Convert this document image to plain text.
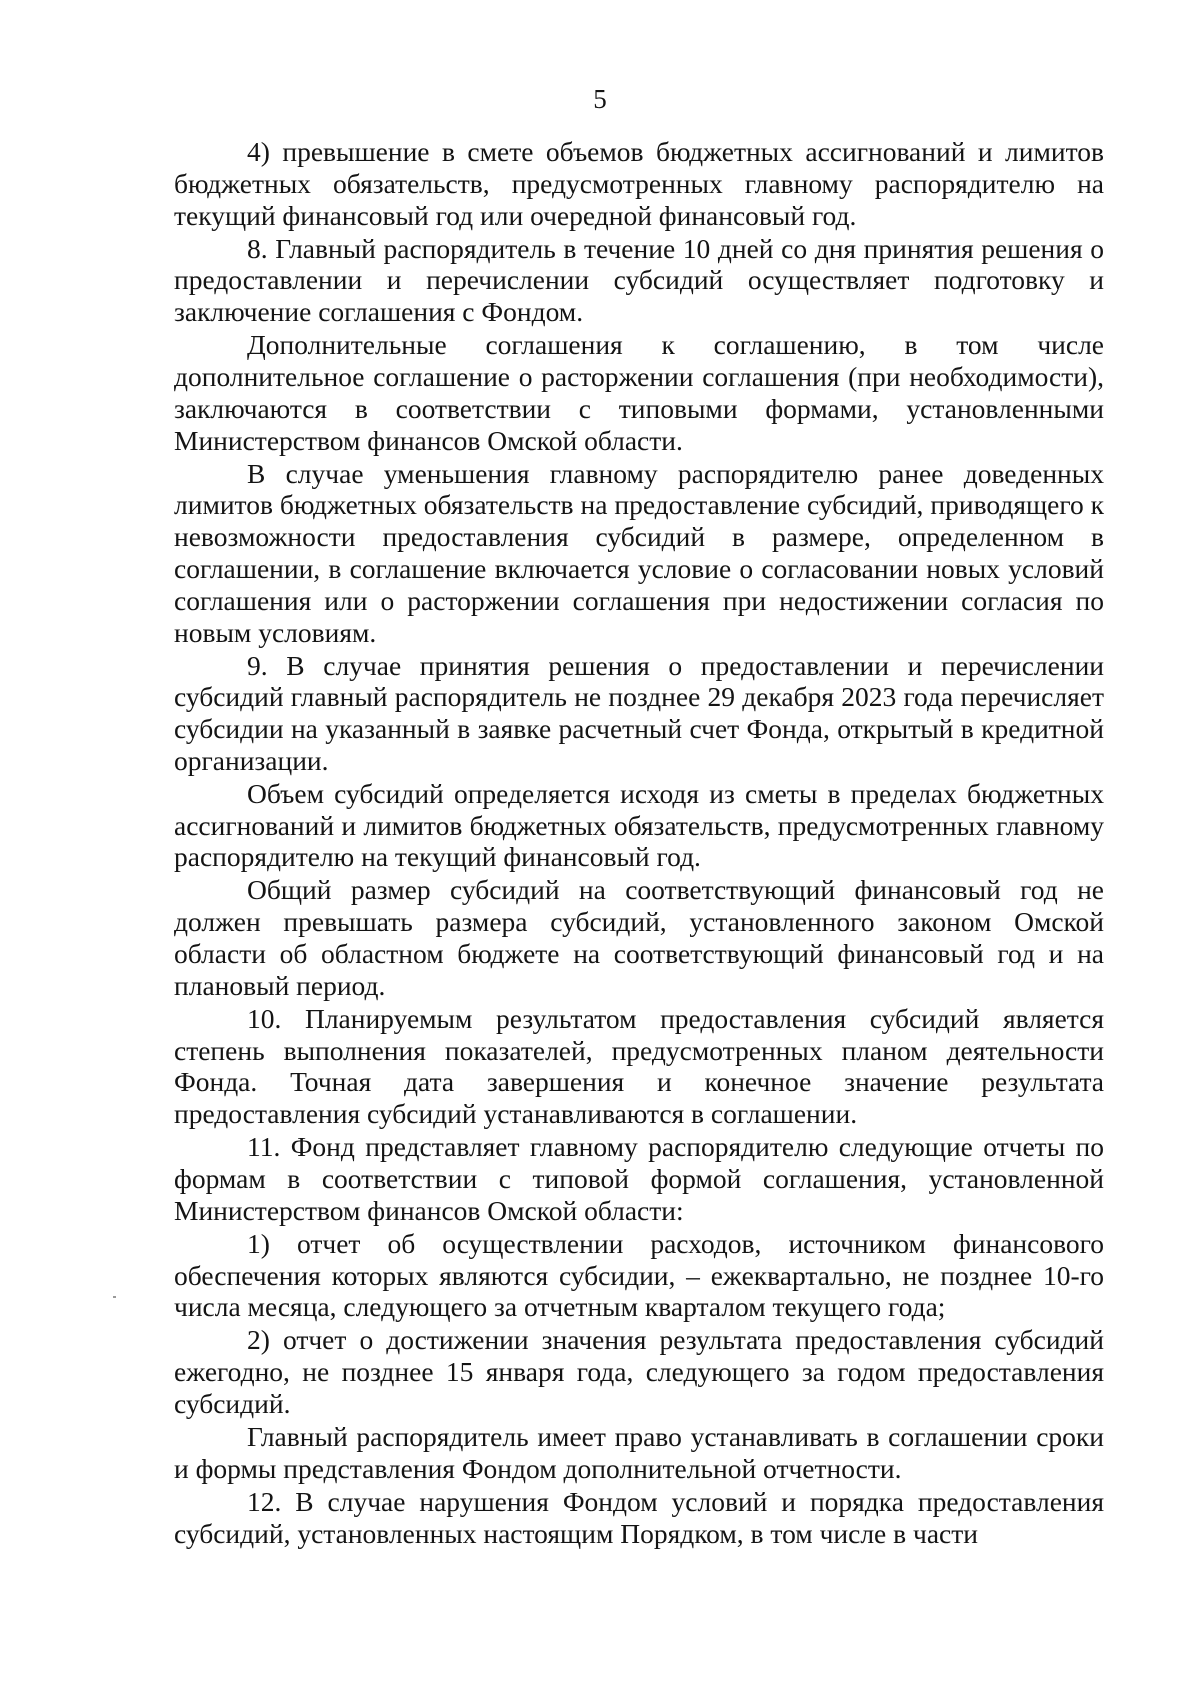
5

4) превышение в смете объемов бюджетных ассигнований и лимитов бюджетных обязательств, предусмотренных главному распорядителю на текущий финансовый год или очередной финансовый год.

8. Главный распорядитель в течение 10 дней со дня принятия решения о предоставлении и перечислении субсидий осуществляет подготовку и заключение соглашения с Фондом.

Дополнительные соглашения к соглашению, в том числе дополнительное соглашение о расторжении соглашения (при необходимости), заключаются в соответствии с типовыми формами, установленными Министерством финансов Омской области.

В случае уменьшения главному распорядителю ранее доведенных лимитов бюджетных обязательств на предоставление субсидий, приводящего к невозможности предоставления субсидий в размере, определенном в соглашении, в соглашение включается условие о согласовании новых условий соглашения или о расторжении соглашения при недостижении согласия по новым условиям.

9. В случае принятия решения о предоставлении и перечислении субсидий главный распорядитель не позднее 29 декабря 2023 года перечисляет субсидии на указанный в заявке расчетный счет Фонда, открытый в кредитной организации.

Объем субсидий определяется исходя из сметы в пределах бюджетных ассигнований и лимитов бюджетных обязательств, предусмотренных главному распорядителю на текущий финансовый год.

Общий размер субсидий на соответствующий финансовый год не должен превышать размера субсидий, установленного законом Омской области об областном бюджете на соответствующий финансовый год и на плановый период.

10. Планируемым результатом предоставления субсидий является степень выполнения показателей, предусмотренных планом деятельности Фонда. Точная дата завершения и конечное значение результата предоставления субсидий устанавливаются в соглашении.

11. Фонд представляет главному распорядителю следующие отчеты по формам в соответствии с типовой формой соглашения, установленной Министерством финансов Омской области:

1) отчет об осуществлении расходов, источником финансового обеспечения которых являются субсидии, – ежеквартально, не позднее 10-го числа месяца, следующего за отчетным кварталом текущего года;

2) отчет о достижении значения результата предоставления субсидий ежегодно, не позднее 15 января года, следующего за годом предоставления субсидий.

Главный распорядитель имеет право устанавливать в соглашении сроки и формы представления Фондом дополнительной отчетности.

12. В случае нарушения Фондом условий и порядка предоставления субсидий, установленных настоящим Порядком, в том числе в части
